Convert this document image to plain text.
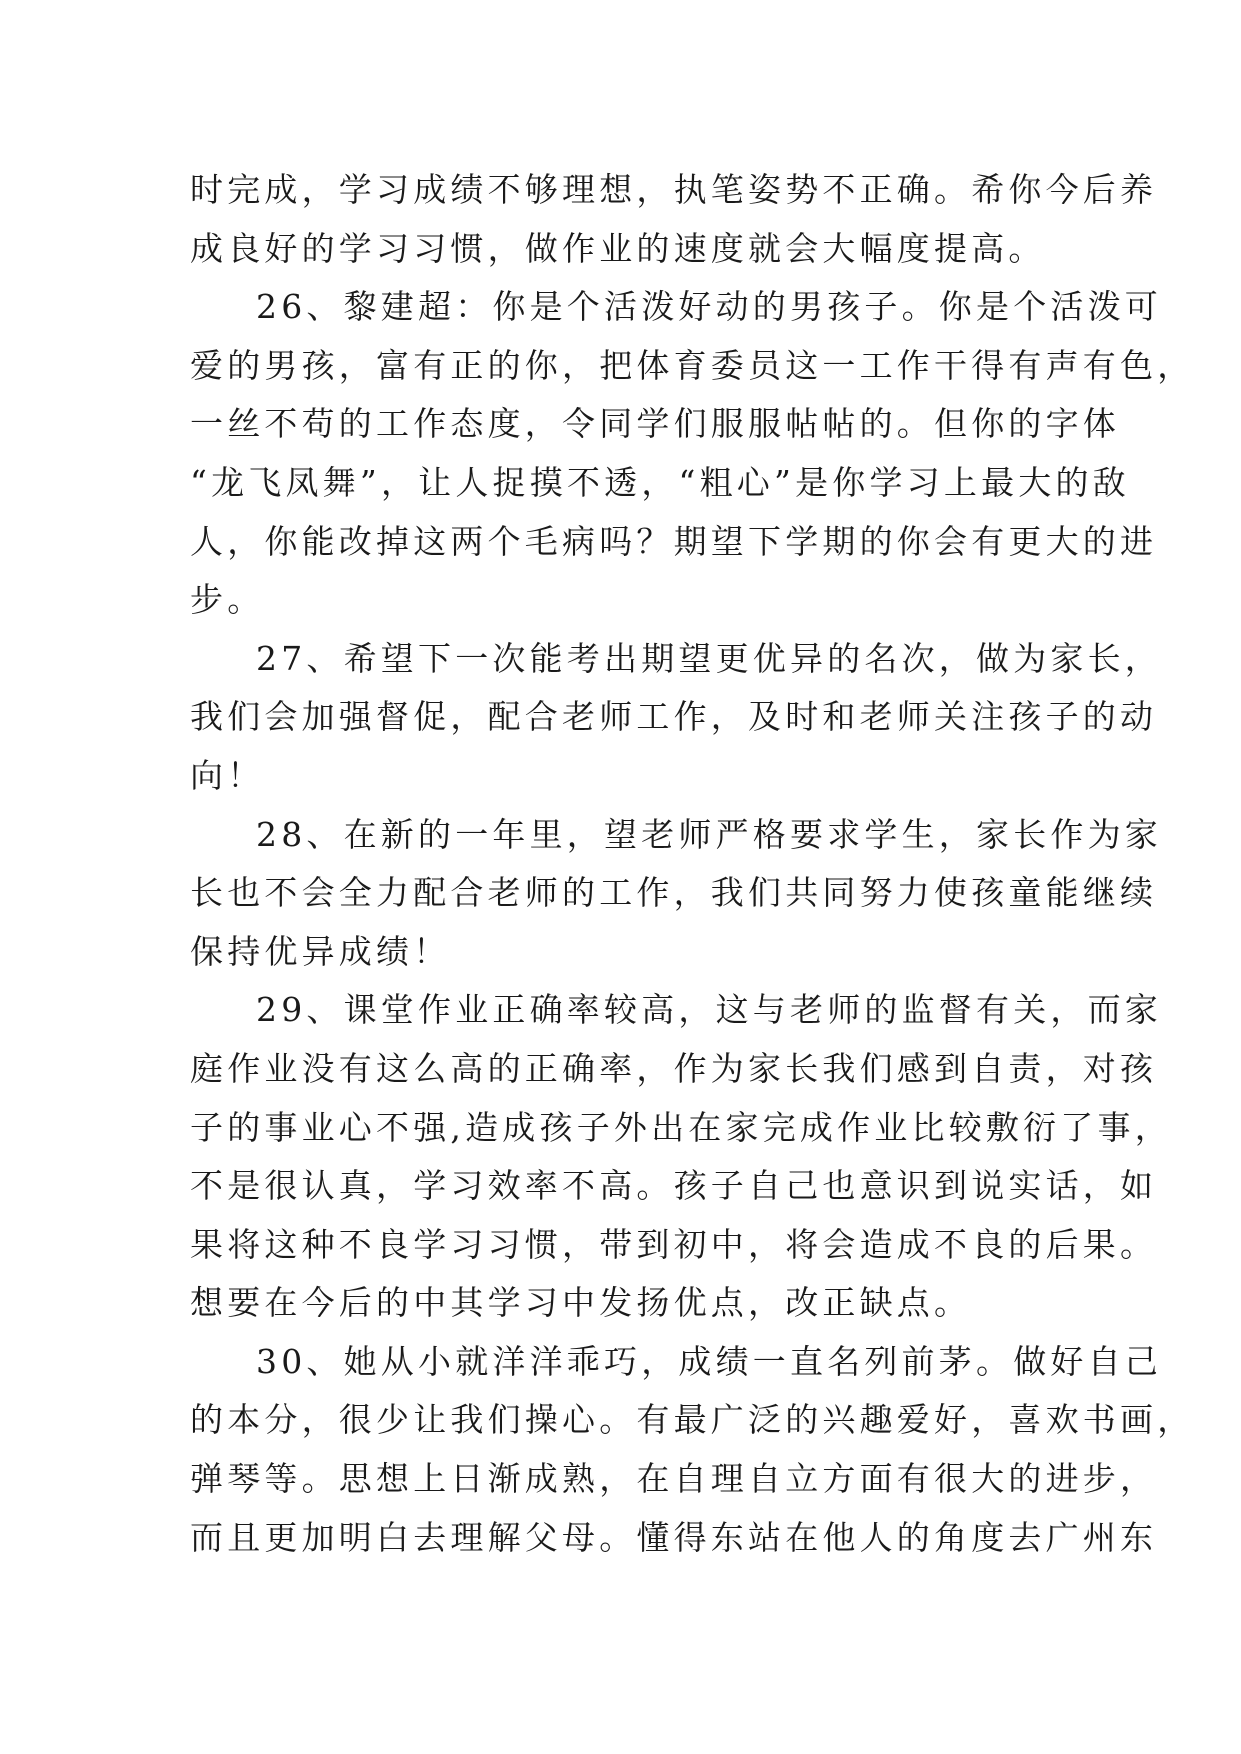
时完成，学习成绩不够理想，执笔姿势不正确。希你今后养
成良好的学习习惯，做作业的速度就会大幅度提高。

26、黎建超：你是个活泼好动的男孩子。你是个活泼可
爱的男孩，富有正的你，把体育委员这一工作干得有声有色，
一丝不苟的工作态度，令同学们服服帖帖的。但你的字体
“龙飞凤舞”，让人捉摸不透，“粗心”是你学习上最大的敌
人，你能改掉这两个毛病吗？期望下学期的你会有更大的进
步。

27、希望下一次能考出期望更优异的名次，做为家长，
我们会加强督促，配合老师工作，及时和老师关注孩子的动
向！

28、在新的一年里，望老师严格要求学生，家长作为家
长也不会全力配合老师的工作，我们共同努力使孩童能继续
保持优异成绩！

29、课堂作业正确率较高，这与老师的监督有关，而家
庭作业没有这么高的正确率，作为家长我们感到自责，对孩
子的事业心不强,造成孩子外出在家完成作业比较敷衍了事，
不是很认真，学习效率不高。孩子自己也意识到说实话，如
果将这种不良学习习惯，带到初中，将会造成不良的后果。
想要在今后的中其学习中发扬优点，改正缺点。

30、她从小就洋洋乖巧，成绩一直名列前茅。做好自己
的本分，很少让我们操心。有最广泛的兴趣爱好，喜欢书画，
弹琴等。思想上日渐成熟，在自理自立方面有很大的进步，
而且更加明白去理解父母。懂得东站在他人的角度去广州东
